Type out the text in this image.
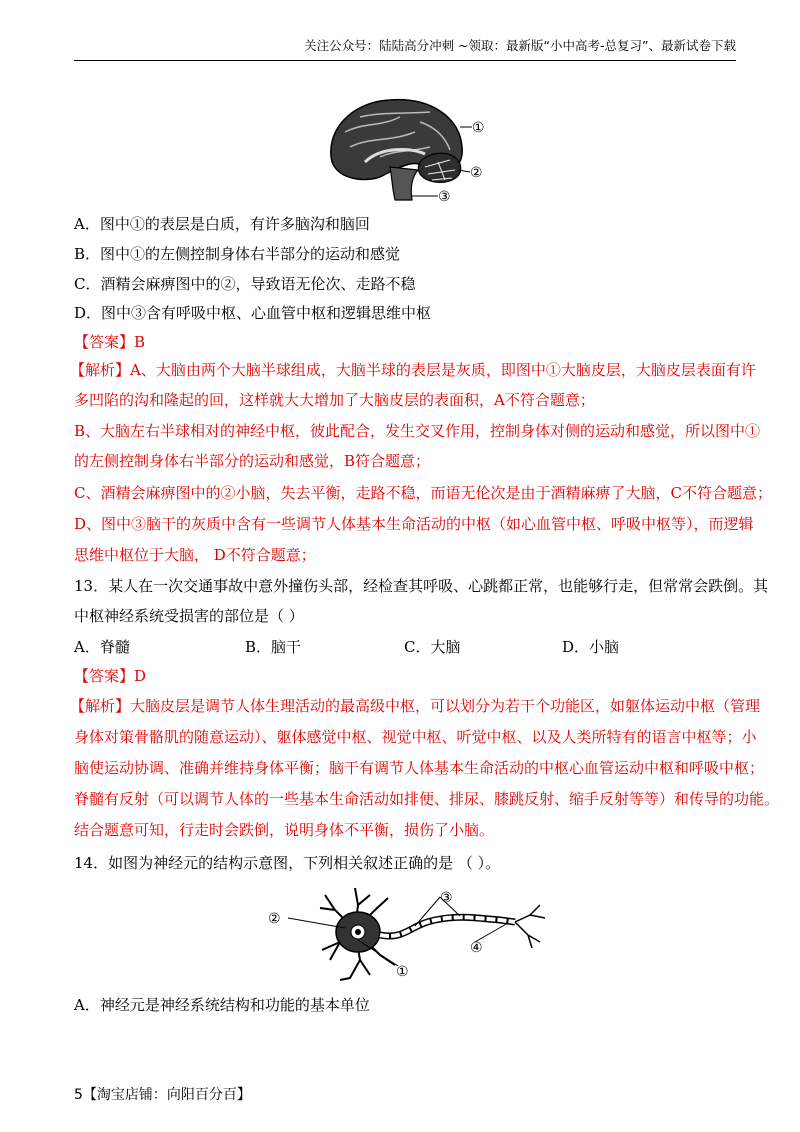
关注公众号：陆陆高分冲刺 ~领取：最新版“小中高考-总复习”、最新试卷下载
①
②
③
A．图中①的表层是白质，有许多脑沟和脑回
B．图中①的左侧控制身体右半部分的运动和感觉
C．酒精会麻痹图中的②，导致语无伦次、走路不稳
D．图中③含有呼吸中枢、心血管中枢和逻辑思维中枢
【答案】B
【解析】A、大脑由两个大脑半球组成，大脑半球的表层是灰质，即图中①大脑皮层，大脑皮层表面有许
多凹陷的沟和隆起的回，这样就大大增加了大脑皮层的表面积，A不符合题意；
B、大脑左右半球相对的神经中枢，彼此配合，发生交叉作用，控制身体对侧的运动和感觉，所以图中①
的左侧控制身体右半部分的运动和感觉，B符合题意；
C、酒精会麻痹图中的②小脑，失去平衡，走路不稳，而语无伦次是由于酒精麻痹了大脑，C不符合题意；
D、图中③脑干的灰质中含有一些调节人体基本生命活动的中枢（如心血管中枢、呼吸中枢等），而逻辑
思维中枢位于大脑， D不符合题意；
13．某人在一次交通事故中意外撞伤头部，经检查其呼吸、心跳都正常，也能够行走，但常常会跌倒。其
中枢神经系统受损害的部位是（ ）
A．脊髓	B．脑干	C．大脑	D．小脑
【答案】D
【解析】大脑皮层是调节人体生理活动的最高级中枢，可以划分为若干个功能区，如躯体运动中枢（管理
身体对策骨骼肌的随意运动）、躯体感觉中枢、视觉中枢、听觉中枢、以及人类所特有的语言中枢等；小
脑使运动协调、准确并维持身体平衡；脑干有调节人体基本生命活动的中枢心血管运动中枢和呼吸中枢；
脊髓有反射（可以调节人体的一些基本生命活动如排便、排尿、膝跳反射、缩手反射等等）和传导的功能。
结合题意可知，行走时会跌倒，说明身体不平衡，损伤了小脑。
14．如图为神经元的结构示意图，下列相关叙述正确的是 （ ）。
②
③
④
①
A．神经元是神经系统结构和功能的基本单位
5【淘宝店铺：向阳百分百】
